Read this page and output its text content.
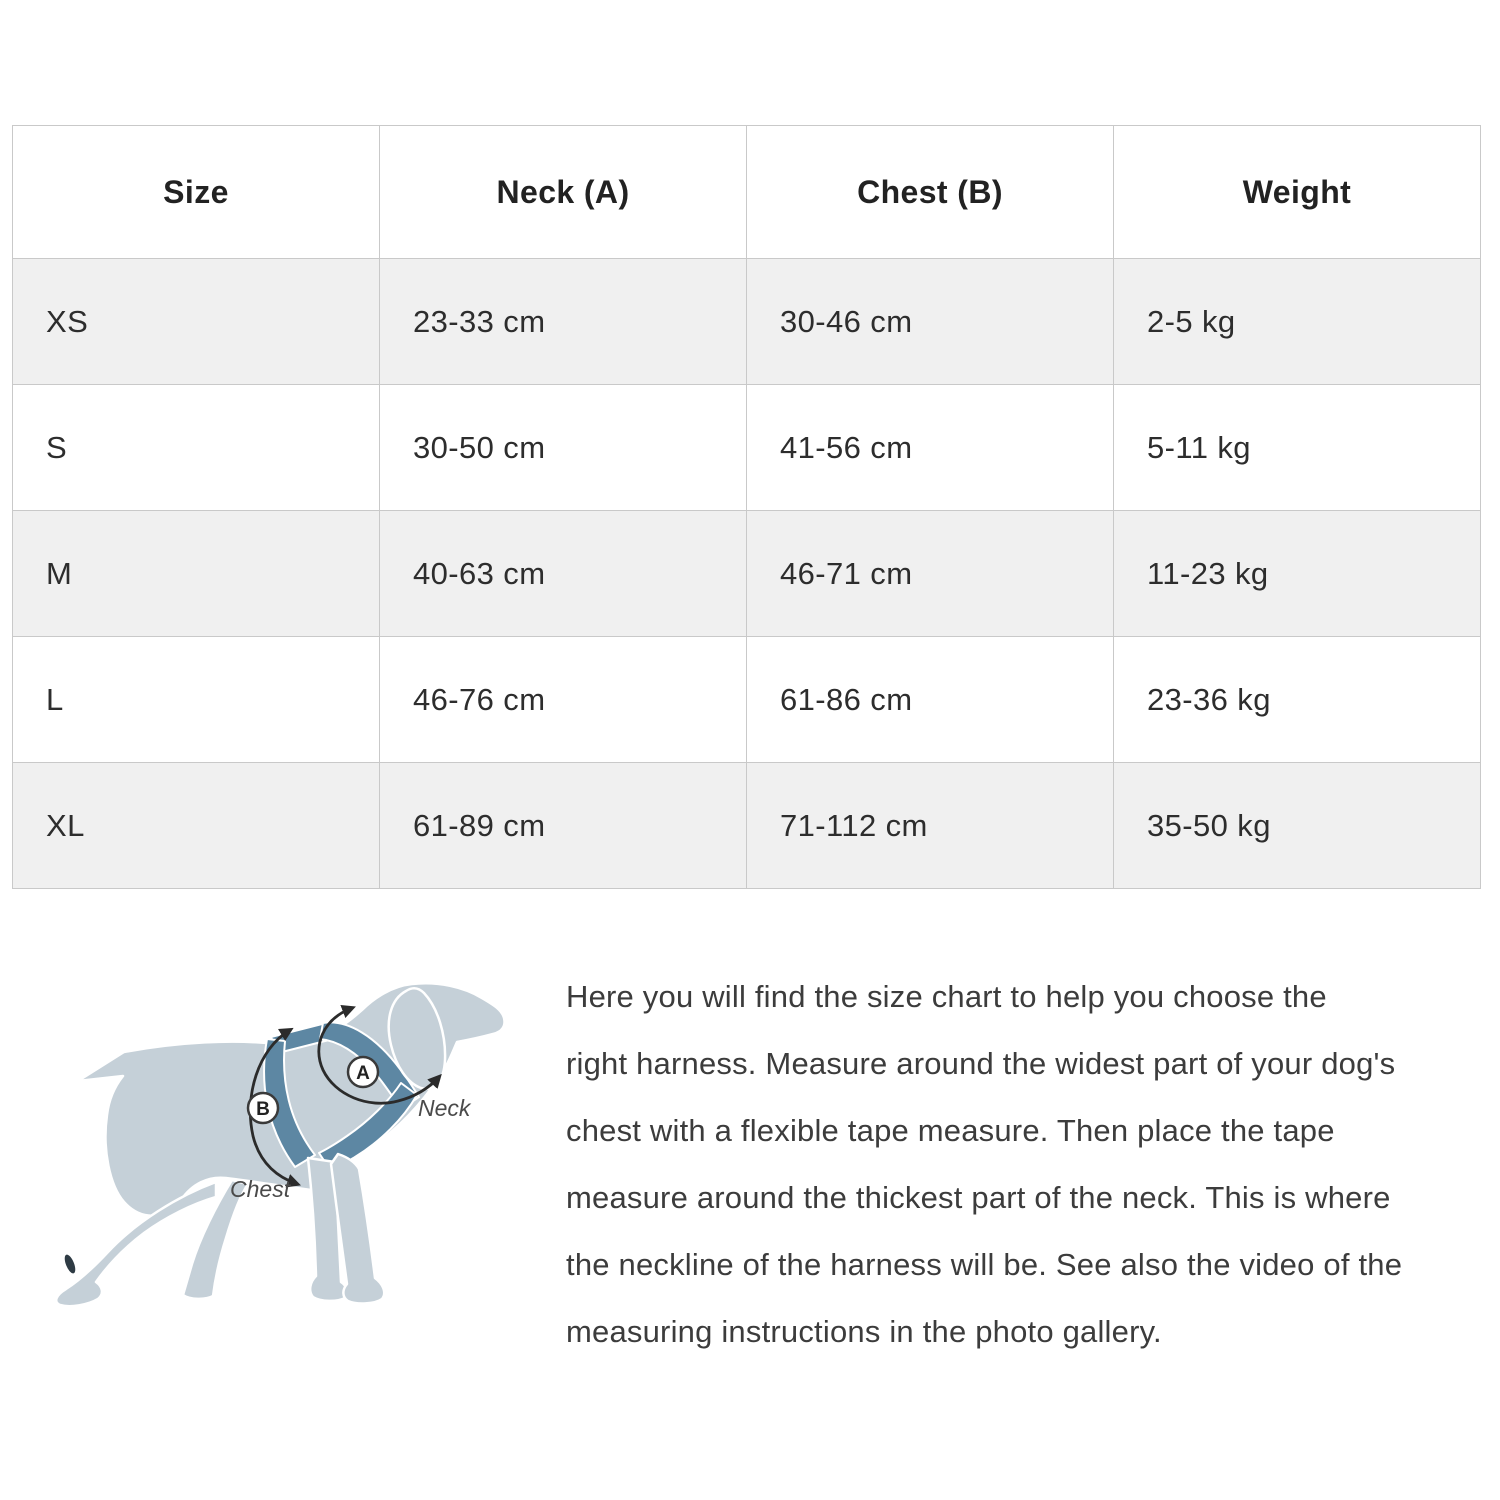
Size	Neck (A)	Chest (B)	Weight
XS	23-33 cm	30-46 cm	2-5 kg
S	30-50 cm	41-56 cm	5-11 kg
M	40-63 cm	46-71 cm	11-23 kg
L	46-76 cm	61-86 cm	23-36 kg
XL	61-89 cm	71-112 cm	35-50 kg
A
B	Neck
Chest
Here you will find the size chart to help you choose the
right harness. Measure around the widest part of your dog's
chest with a flexible tape measure. Then place the tape
measure around the thickest part of the neck. This is where
the neckline of the harness will be. See also the video of the
measuring instructions in the photo gallery.
